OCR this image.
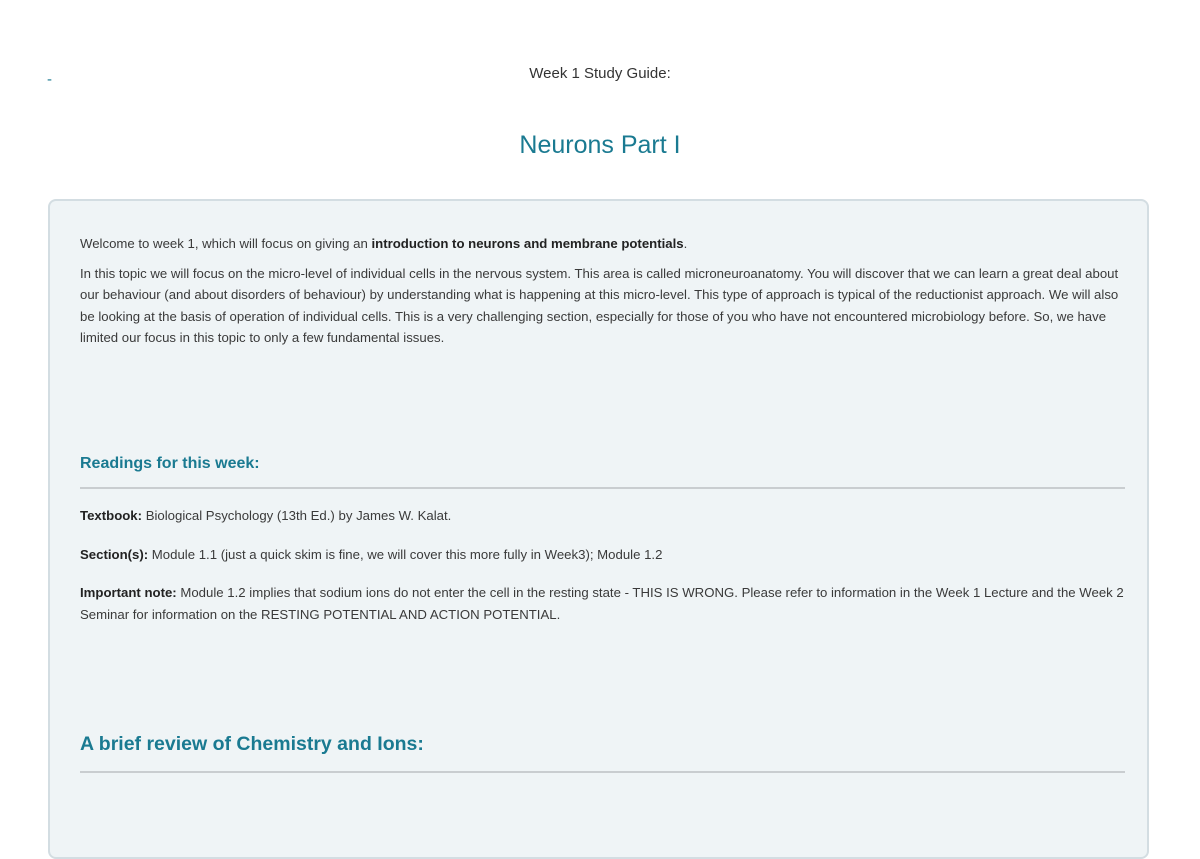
-	Week 1 Study Guide:
Neurons Part I

Welcome to week 1, which will focus on giving an introduction to neurons and membrane potentials.

In this topic we will focus on the micro-level of individual cells in the nervous system. This area is called microneuroanatomy. You will discover that we can learn a great deal about our behaviour (and about disorders of behaviour) by understanding what is happening at this micro-level. This type of approach is typical of the reductionist approach. We will also be looking at the basis of operation of individual cells. This is a very challenging section, especially for those of you who have not encountered microbiology before. So, we have limited our focus in this topic to only a few fundamental issues.

Readings for this week:

Textbook: Biological Psychology (13th Ed.) by James W. Kalat.

Section(s): Module 1.1 (just a quick skim is fine, we will cover this more fully in Week3); Module 1.2

Important note: Module 1.2 implies that sodium ions do not enter the cell in the resting state - THIS IS WRONG. Please refer to information in the Week 1 Lecture and the Week 2 Seminar for information on the RESTING POTENTIAL AND ACTION POTENTIAL.

A brief review of Chemistry and Ions:
